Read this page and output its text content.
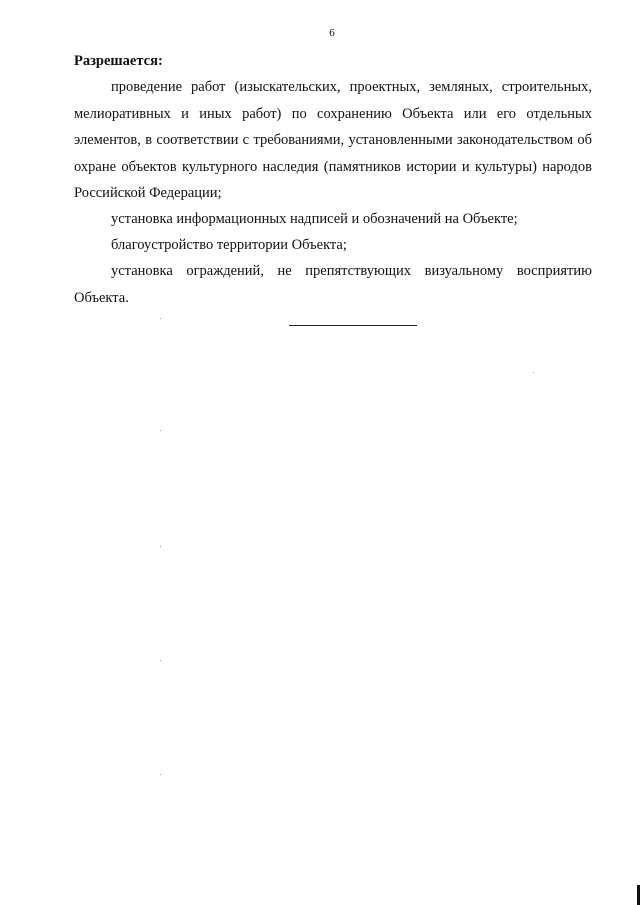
6
Разрешается:

проведение работ (изыскательских, проектных, земляных, строительных, мелиоративных и иных работ) по сохранению Объекта или его отдельных элементов, в соответствии с требованиями, установленными законодательством об охране объектов культурного наследия (памятников истории и культуры) народов Российской Федерации;

установка информационных надписей и обозначений на Объекте;

благоустройство территории Объекта;

установка ограждений, не препятствующих визуальному восприятию Объекта.
